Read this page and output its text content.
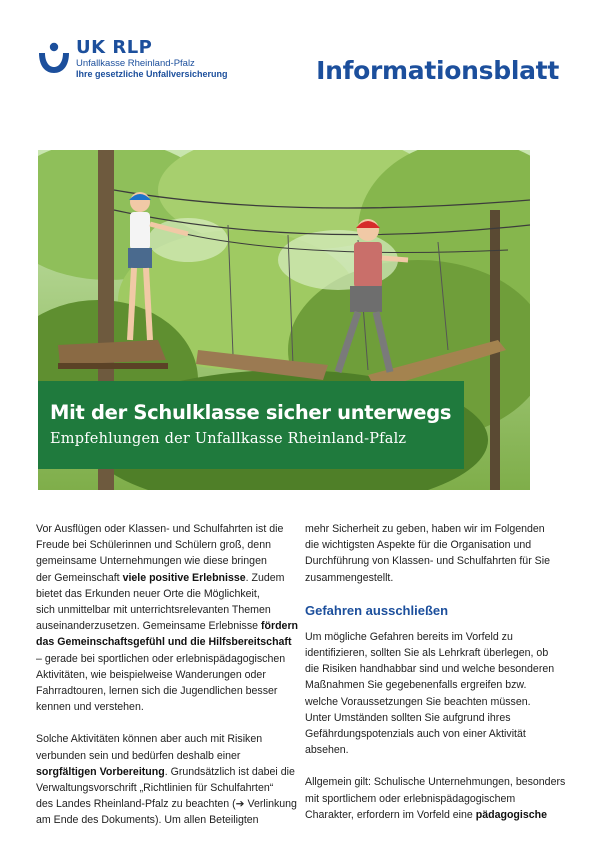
UK RLP
Unfallkasse Rheinland-Pfalz
Ihre gesetzliche Unfallversicherung	Informationsblatt
Mit der Schulklasse sicher unterwegs
Empfehlungen der Unfallkasse Rheinland-Pfalz

Vor Ausflügen oder Klassen- und Schulfahrten ist die
Freude bei Schülerinnen und Schülern groß, denn
gemeinsame Unternehmungen wie diese bringen
der Gemeinschaft viele positive Erlebnisse. Zudem
bietet das Erkunden neuer Orte die Möglichkeit,
sich unmittelbar mit unterrichtsrelevanten Themen
auseinanderzusetzen. Gemeinsame Erlebnisse fördern
das Gemeinschaftsgefühl und die Hilfsbereitschaft
– gerade bei sportlichen oder erlebnispädagogischen
Aktivitäten, wie beispielweise Wanderungen oder
Fahrradtouren, lernen sich die Jugendlichen besser
kennen und verstehen.

Solche Aktivitäten können aber auch mit Risiken
verbunden sein und bedürfen deshalb einer
sorgfältigen Vorbereitung. Grundsätzlich ist dabei die
Verwaltungsvorschrift „Richtlinien für Schulfahrten“
des Landes Rheinland-Pfalz zu beachten (➔ Verlinkung
am Ende des Dokuments). Um allen Beteiligten

mehr Sicherheit zu geben, haben wir im Folgenden
die wichtigsten Aspekte für die Organisation und
Durchführung von Klassen- und Schulfahrten für Sie
zusammengestellt.

Gefahren ausschließen

Um mögliche Gefahren bereits im Vorfeld zu
identifizieren, sollten Sie als Lehrkraft überlegen, ob
die Risiken handhabbar sind und welche besonderen
Maßnahmen Sie gegebenenfalls ergreifen bzw.
welche Voraussetzungen Sie beachten müssen.
Unter Umständen sollten Sie aufgrund ihres
Gefährdungspotenzials auch von einer Aktivität
absehen.

Allgemein gilt: Schulische Unternehmungen, besonders
mit sportlichem oder erlebnispädagogischem
Charakter, erfordern im Vorfeld eine pädagogische
